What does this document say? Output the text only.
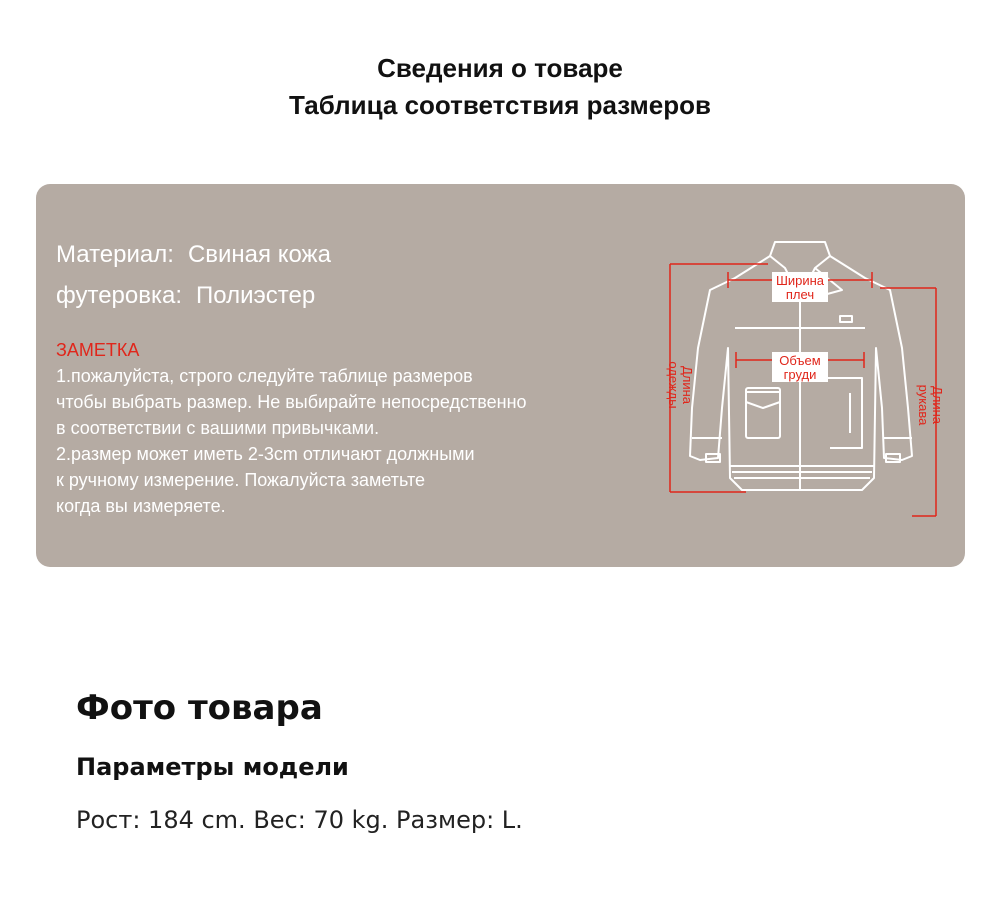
Сведения о товаре
Таблица соответствия размеров
Материал: Свиная кожа
футеровка: Полиэстер
ЗАМЕТКА
1.пожалуйста, строго следуйте таблице размеров
чтобы выбрать размер. Не выбирайте непосредственно
в соответствии с вашими привычками.
2.размер может иметь 2-3cm отличают должными
к ручному измерение. Пожалуйста заметьте
когда вы измеряете.
Ширина
плеч
Объем
груди
Длина
одежды	Длина
рукава
Фото товара
Параметры модели
Рост: 184 cm. Вес: 70 kg. Размер: L.
